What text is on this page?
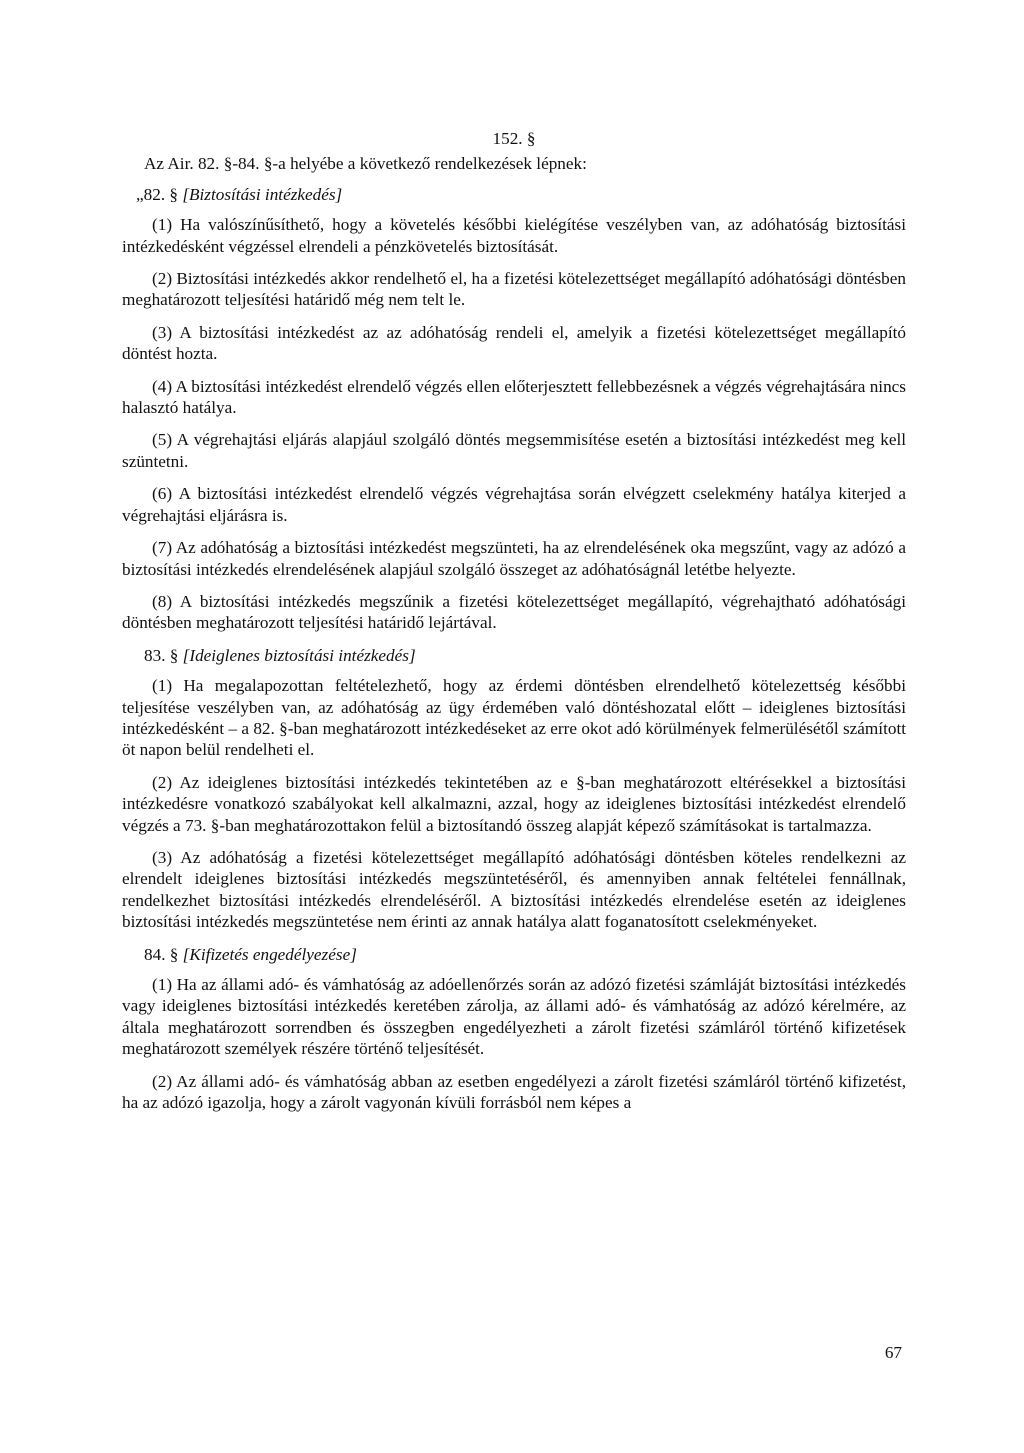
152. §
Az Air. 82. §-84. §-a helyébe a következő rendelkezések lépnek:
„82. § [Biztosítási intézkedés]

(1) Ha valószínűsíthető, hogy a követelés későbbi kielégítése veszélyben van, az adóhatóság biztosítási intézkedésként végzéssel elrendeli a pénzkövetelés biztosítását.

(2) Biztosítási intézkedés akkor rendelhető el, ha a fizetési kötelezettséget megállapító adóhatósági döntésben meghatározott teljesítési határidő még nem telt le.

(3) A biztosítási intézkedést az az adóhatóság rendeli el, amelyik a fizetési kötelezettséget megállapító döntést hozta.

(4) A biztosítási intézkedést elrendelő végzés ellen előterjesztett fellebbezésnek a végzés végrehajtására nincs halasztó hatálya.

(5) A végrehajtási eljárás alapjául szolgáló döntés megsemmisítése esetén a biztosítási intézkedést meg kell szüntetni.

(6) A biztosítási intézkedést elrendelő végzés végrehajtása során elvégzett cselekmény hatálya kiterjed a végrehajtási eljárásra is.

(7) Az adóhatóság a biztosítási intézkedést megszünteti, ha az elrendelésének oka megszűnt, vagy az adózó a biztosítási intézkedés elrendelésének alapjául szolgáló összeget az adóhatóságnál letétbe helyezte.

(8) A biztosítási intézkedés megszűnik a fizetési kötelezettséget megállapító, végrehajtható adóhatósági döntésben meghatározott teljesítési határidő lejártával.

83. § [Ideiglenes biztosítási intézkedés]

(1) Ha megalapozottan feltételezhető, hogy az érdemi döntésben elrendelhető kötelezettség későbbi teljesítése veszélyben van, az adóhatóság az ügy érdemében való döntéshozatal előtt – ideiglenes biztosítási intézkedésként – a 82. §-ban meghatározott intézkedéseket az erre okot adó körülmények felmerülésétől számított öt napon belül rendelheti el.

(2) Az ideiglenes biztosítási intézkedés tekintetében az e §-ban meghatározott eltérésekkel a biztosítási intézkedésre vonatkozó szabályokat kell alkalmazni, azzal, hogy az ideiglenes biztosítási intézkedést elrendelő végzés a 73. §-ban meghatározottakon felül a biztosítandó összeg alapját képező számításokat is tartalmazza.

(3) Az adóhatóság a fizetési kötelezettséget megállapító adóhatósági döntésben köteles rendelkezni az elrendelt ideiglenes biztosítási intézkedés megszüntetéséről, és amennyiben annak feltételei fennállnak, rendelkezhet biztosítási intézkedés elrendeléséről. A biztosítási intézkedés elrendelése esetén az ideiglenes biztosítási intézkedés megszüntetése nem érinti az annak hatálya alatt foganatosított cselekményeket.

84. § [Kifizetés engedélyezése]

(1) Ha az állami adó- és vámhatóság az adóellenőrzés során az adózó fizetési számláját biztosítási intézkedés vagy ideiglenes biztosítási intézkedés keretében zárolja, az állami adó- és vámhatóság az adózó kérelmére, az általa meghatározott sorrendben és összegben engedélyezheti a zárolt fizetési számláról történő kifizetések meghatározott személyek részére történő teljesítését.

(2) Az állami adó- és vámhatóság abban az esetben engedélyezi a zárolt fizetési számláról történő kifizetést, ha az adózó igazolja, hogy a zárolt vagyonán kívüli forrásból nem képes a

67
